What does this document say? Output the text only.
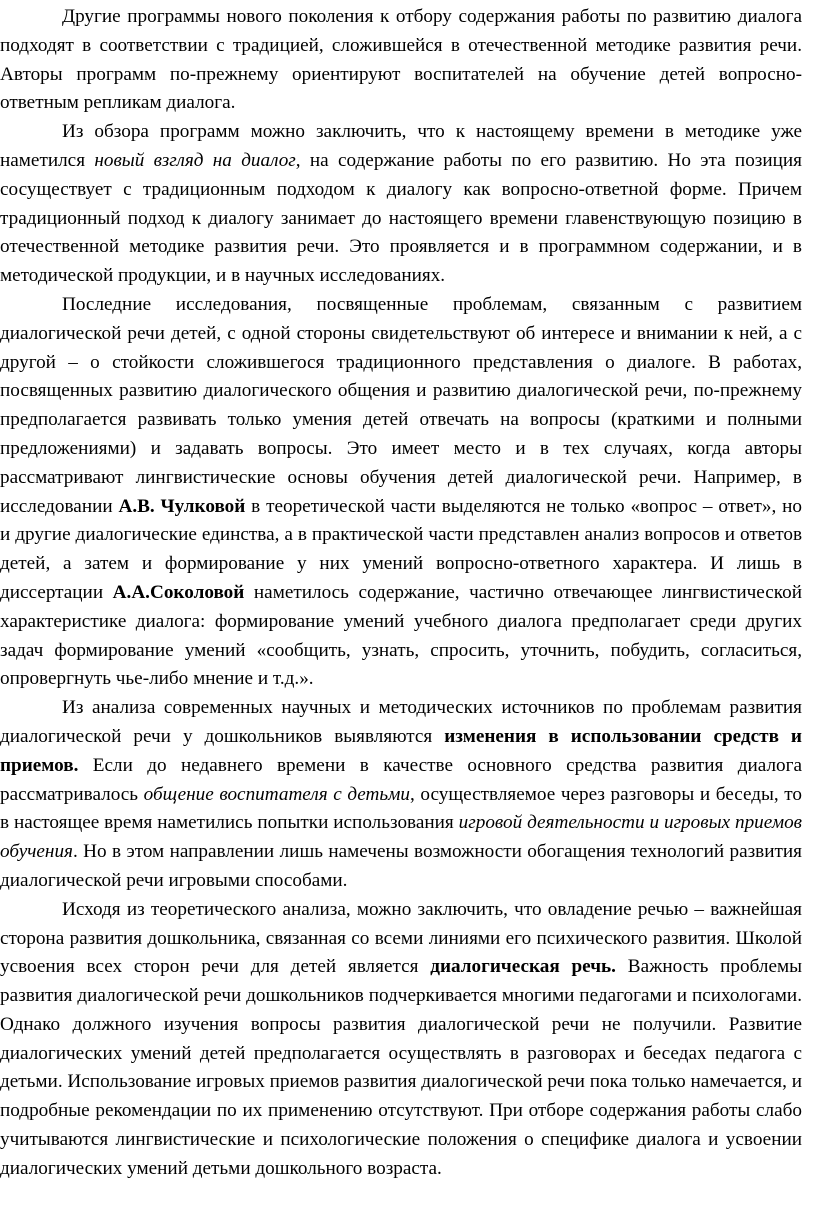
Другие программы нового поколения к отбору содержания работы по развитию диалога подходят в соответствии с традицией, сложившейся в отечественной методике развития речи. Авторы программ по-прежнему ориентируют воспитателей на обучение детей вопросно-ответным репликам диалога.

Из обзора программ можно заключить, что к настоящему времени в методике уже наметился новый взгляд на диалог, на содержание работы по его развитию. Но эта позиция сосуществует с традиционным подходом к диалогу как вопросно-ответной форме. Причем традиционный подход к диалогу занимает до настоящего времени главенствующую позицию в отечественной методике развития речи. Это проявляется и в программном содержании, и в методической продукции, и в научных исследованиях.

Последние исследования, посвященные проблемам, связанным с развитием диалогической речи детей, с одной стороны свидетельствуют об интересе и внимании к ней, а с другой – о стойкости сложившегося традиционного представления о диалоге. В работах, посвященных развитию диалогического общения и развитию диалогической речи, по-прежнему предполагается развивать только умения детей отвечать на вопросы (краткими и полными предложениями) и задавать вопросы. Это имеет место и в тех случаях, когда авторы рассматривают лингвистические основы обучения детей диалогической речи. Например, в исследовании А.В. Чулковой в теоретической части выделяются не только «вопрос – ответ», но и другие диалогические единства, а в практической части представлен анализ вопросов и ответов детей, а затем и формирование у них умений вопросно-ответного характера. И лишь в диссертации А.А.Соколовой наметилось содержание, частично отвечающее лингвистической характеристике диалога: формирование умений учебного диалога предполагает среди других задач формирование умений «сообщить, узнать, спросить, уточнить, побудить, согласиться, опровергнуть чье-либо мнение и т.д.».

Из анализа современных научных и методических источников по проблемам развития диалогической речи у дошкольников выявляются изменения в использовании средств и приемов. Если до недавнего времени в качестве основного средства развития диалога рассматривалось общение воспитателя с детьми, осуществляемое через разговоры и беседы, то в настоящее время наметились попытки использования игровой деятельности и игровых приемов обучения. Но в этом направлении лишь намечены возможности обогащения технологий развития диалогической речи игровыми способами.

Исходя из теоретического анализа, можно заключить, что овладение речью – важнейшая сторона развития дошкольника, связанная со всеми линиями его психического развития. Школой усвоения всех сторон речи для детей является диалогическая речь. Важность проблемы развития диалогической речи дошкольников подчеркивается многими педагогами и психологами. Однако должного изучения вопросы развития диалогической речи не получили. Развитие диалогических умений детей предполагается осуществлять в разговорах и беседах педагога с детьми. Использование игровых приемов развития диалогической речи пока только намечается, и подробные рекомендации по их применению отсутствуют. При отборе содержания работы слабо учитываются лингвистические и психологические положения о специфике диалога и усвоении диалогических умений детьми дошкольного возраста.
